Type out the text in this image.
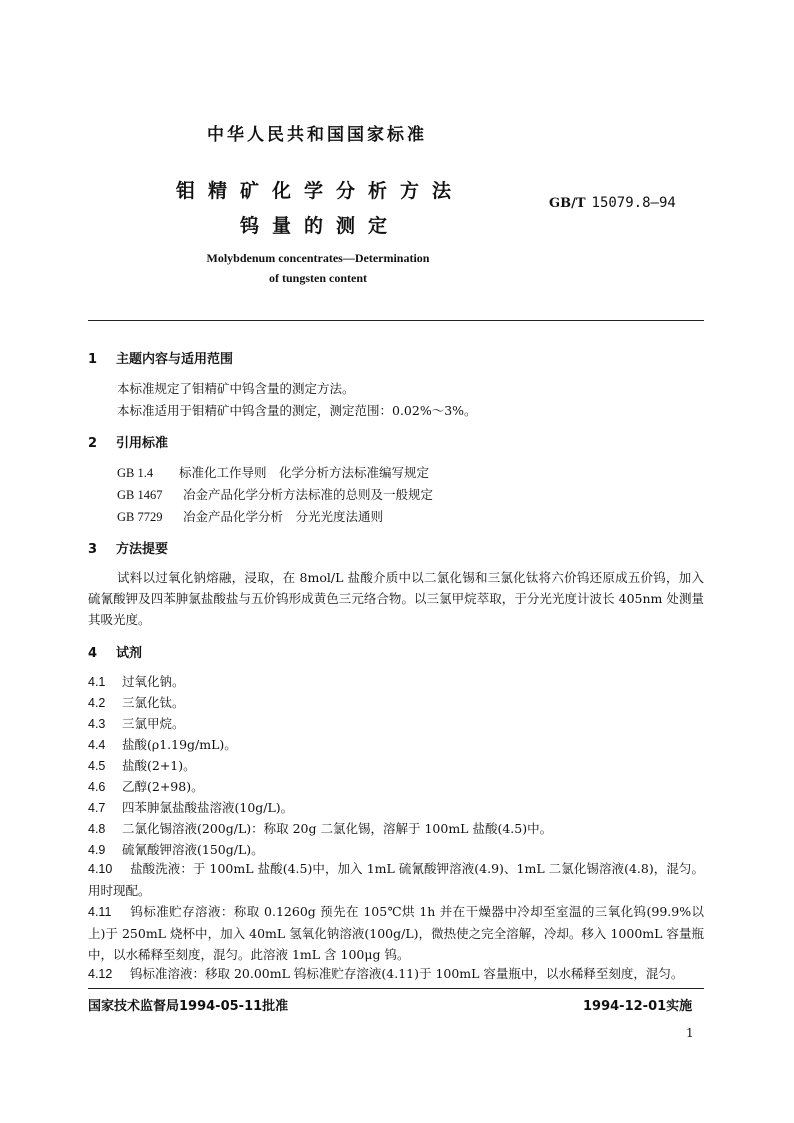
中华人民共和国国家标准
钼精矿化学分析方法
钨量的测定
GB/T 15079.8—94
Molybdenum concentrates—Determination
of tungsten content
1 主题内容与适用范围
本标准规定了钼精矿中钨含量的测定方法。
本标准适用于钼精矿中钨含量的测定，测定范围：0.02%～3%。
2 引用标准
GB 1.4 标准化工作导则　化学分析方法标准编写规定
GB 1467 冶金产品化学分析方法标准的总则及一般规定
GB 7729 冶金产品化学分析　分光光度法通则
3 方法提要
试料以过氧化钠熔融，浸取，在 8mol/L 盐酸介质中以二氯化锡和三氯化钛将六价钨还原成五价钨，加入硫氰酸钾及四苯胂氯盐酸盐与五价钨形成黄色三元络合物。以三氯甲烷萃取，于分光光度计波长 405nm 处测量其吸光度。
4 试剂
4.1 过氧化钠。
4.2 三氯化钛。
4.3 三氯甲烷。
4.4 盐酸(ρ1.19g/mL)。
4.5 盐酸(2+1)。
4.6 乙醇(2+98)。
4.7 四苯胂氯盐酸盐溶液(10g/L)。
4.8 二氯化锡溶液(200g/L)：称取 20g 二氯化锡，溶解于 100mL 盐酸(4.5)中。
4.9 硫氰酸钾溶液(150g/L)。
4.10 盐酸洗液：于 100mL 盐酸(4.5)中，加入 1mL 硫氰酸钾溶液(4.9)、1mL 二氯化锡溶液(4.8)，混匀。用时现配。
4.11 钨标准贮存溶液：称取 0.1260g 预先在 105℃烘 1h 并在干燥器中冷却至室温的三氧化钨(99.9%以上)于 250mL 烧杯中，加入 40mL 氢氧化钠溶液(100g/L)，微热使之完全溶解，冷却。移入 1000mL 容量瓶中，以水稀释至刻度，混匀。此溶液 1mL 含 100μg 钨。
4.12 钨标准溶液：移取 20.00mL 钨标准贮存溶液(4.11)于 100mL 容量瓶中，以水稀释至刻度，混匀。
国家技术监督局1994-05-11批准	1994-12-01实施
1
